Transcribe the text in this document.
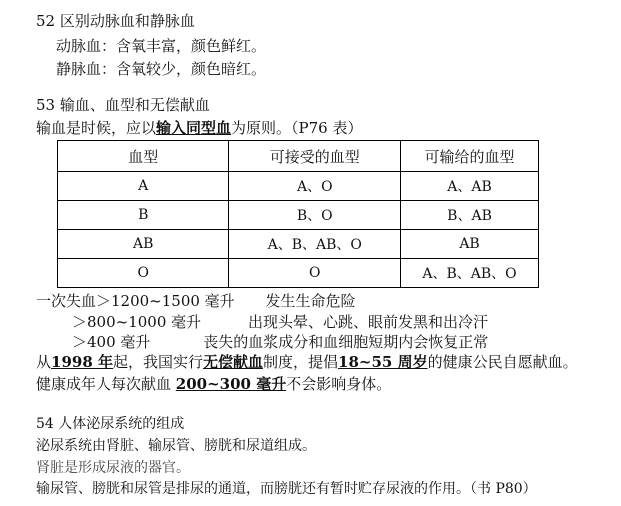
52 区别动脉血和静脉血
动脉血：含氧丰富，颜色鲜红。
静脉血：含氧较少，颜色暗红。
53 输血、血型和无偿献血
输血是时候，应以输入同型血为原则。（P76 表）
血型	可接受的血型	可输给的血型
A	A、O	A、AB
B	B、O	B、AB
AB	A、B、AB、O	AB
O	O	A、B、AB、O
一次失血＞1200~1500 毫升 发生生命危险
＞800~1000 毫升	出现头晕、心跳、眼前发黑和出冷汗
＞400 毫升	丧失的血浆成分和血细胞短期内会恢复正常
从1998 年起，我国实行无偿献血制度，提倡18~55 周岁的健康公民自愿献血。
健康成年人每次献血 200~300 毫升不会影响身体。
54 人体泌尿系统的组成
泌尿系统由肾脏、输尿管、膀胱和尿道组成。
肾脏是形成尿液的器官。
输尿管、膀胱和尿管是排尿的通道，而膀胱还有暂时贮存尿液的作用。（书 P80）
